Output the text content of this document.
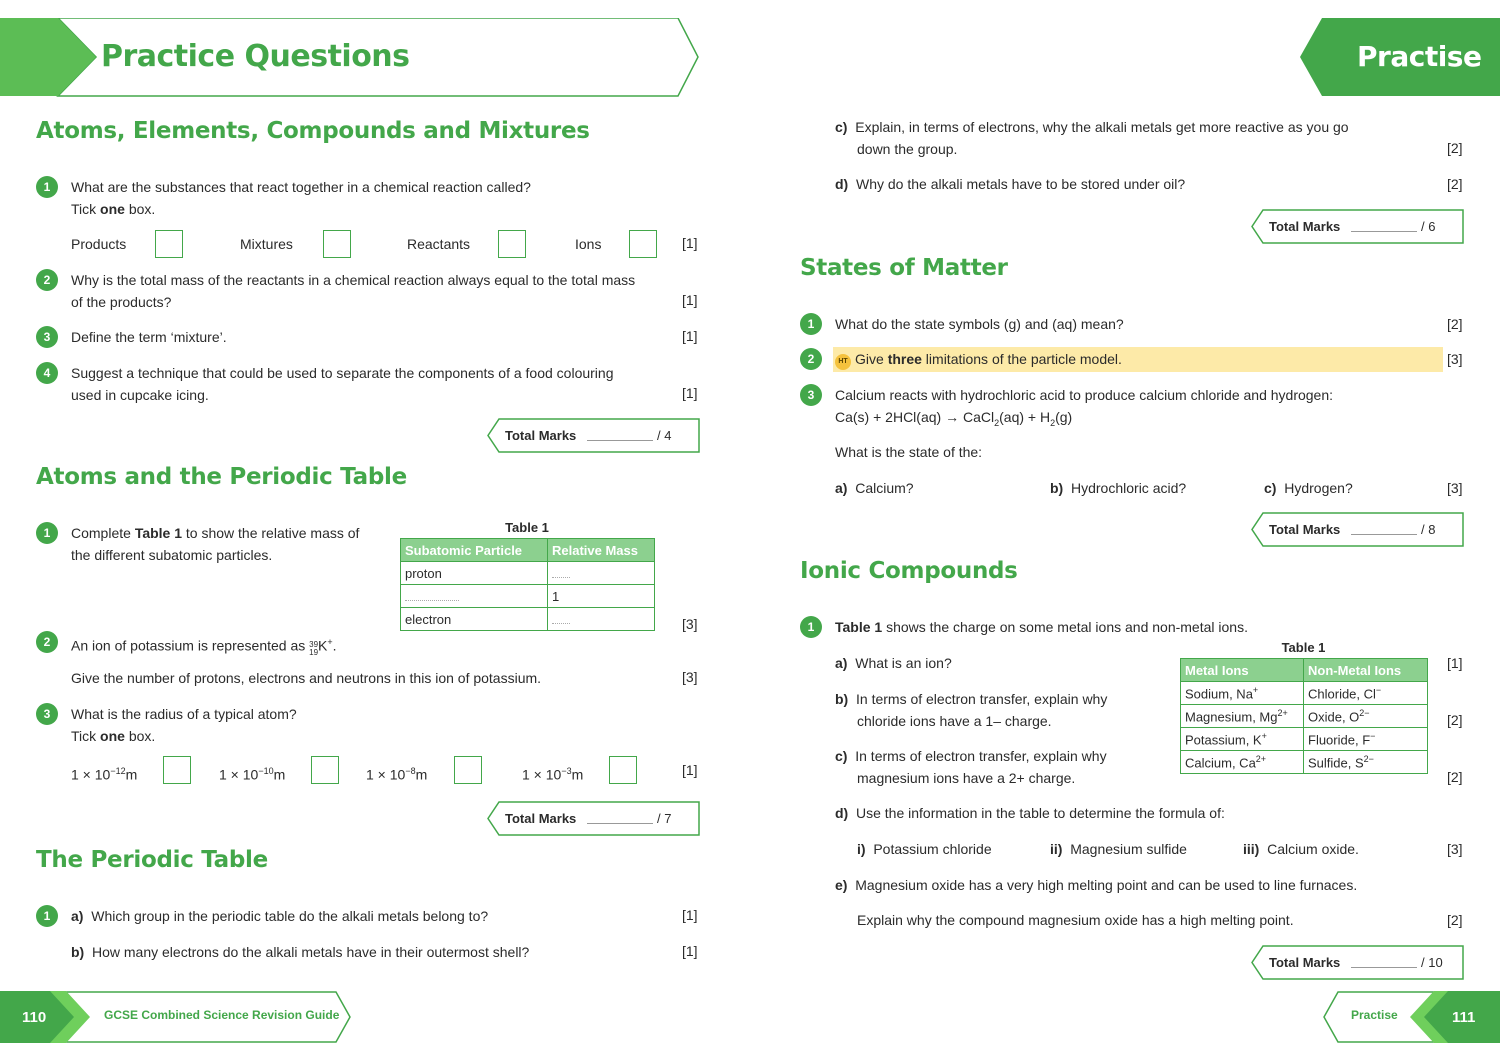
Practice Questions	Practise
Atoms, Elements, Compounds and Mixtures
1	What are the substances that react together in a chemical reaction called?
Tick one box.
Products	Mixtures	Reactants	Ions	[1]
2	Why is the total mass of the reactants in a chemical reaction always equal to the total mass
of the products?	[1]
3	Define the term ‘mixture’.	[1]
4	Suggest a technique that could be used to separate the components of a food colouring
used in cupcake icing.	[1]
Total Marks	/ 4
Atoms and the Periodic Table
1	Complete Table 1 to show the relative mass of
the different subatomic particles.
Table 1
Subatomic Particle	Relative Mass
proton	
	1
electron		[3]
2	An ion of potassium is represented as 39
19K+.
Give the number of protons, electrons and neutrons in this ion of potassium.	[3]
3	What is the radius of a typical atom?
Tick one box.
$1 \times 10^{-12}m$	$1 \times 10^{-10}m$	$1 \times 10^{-8}m$	$1 \times 10^{-3}m$	[1]
Total Marks	/ 7
The Periodic Table
1	a) Which group in the periodic table do the alkali metals belong to?	[1]
b) How many electrons do the alkali metals have in their outermost shell?	[1]
110	GCSE Combined Science Revision Guide
c) Explain, in terms of electrons, why the alkali metals get more reactive as you go
down the group.	[2]
d) Why do the alkali metals have to be stored under oil?	[2]
Total Marks	/ 6
States of Matter
1	What do the state symbols (g) and (aq) mean?	[2]
2	HT Give three limitations of the particle model.	[3]
3	Calcium reacts with hydrochloric acid to produce calcium chloride and hydrogen:
Ca(s) + 2HCl(aq) → CaCl$_2$(aq) + $H_2(g)$
What is the state of the:
a) Calcium?	b) Hydrochloric acid?	c) Hydrogen?	[3]
Total Marks	/ 8
Ionic Compounds
1	Table 1 shows the charge on some metal ions and non-metal ions.
Table 1
Metal Ions	Non-Metal Ions
Sodium, Na+	Chloride, Cl−
Magnesium, $Mg^{2+}$	Oxide, $O^{2-}$
Potassium, K+	Fluoride, F−
Calcium, $Ca^{2+}$	Sulfide, $S^{2-}$
a) What is an ion?	[1]
b) In terms of electron transfer, explain why
chloride ions have a 1– charge.	[2]
c) In terms of electron transfer, explain why
magnesium ions have a 2+ charge.	[2]
d) Use the information in the table to determine the formula of:
i) Potassium chloride	ii) Magnesium sulfide	iii) Calcium oxide.	[3]
e) Magnesium oxide has a very high melting point and can be used to line furnaces.
Explain why the compound magnesium oxide has a high melting point.	[2]
Total Marks	/ 10
Practise	111
